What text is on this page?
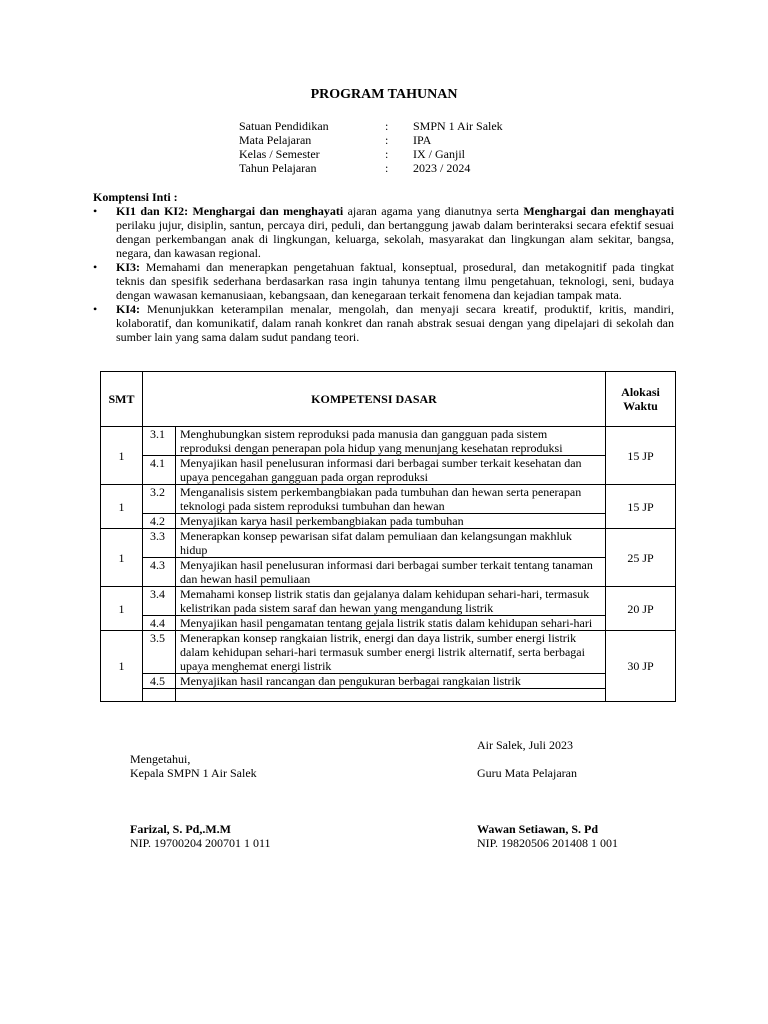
PROGRAM TAHUNAN
Satuan Pendidikan	:	SMPN 1 Air Salek
Mata Pelajaran	:	IPA
Kelas / Semester	:	IX / Ganjil
Tahun Pelajaran	:	2023 / 2024
Komptensi Inti :
• KI1 dan KI2: Menghargai dan menghayati ajaran agama yang dianutnya serta Menghargai dan menghayati perilaku jujur, disiplin, santun, percaya diri, peduli, dan bertanggung jawab dalam berinteraksi secara efektif sesuai dengan perkembangan anak di lingkungan, keluarga, sekolah, masyarakat dan lingkungan alam sekitar, bangsa, negara, dan kawasan regional.
• KI3: Memahami dan menerapkan pengetahuan faktual, konseptual, prosedural, dan metakognitif pada tingkat teknis dan spesifik sederhana berdasarkan rasa ingin tahunya tentang ilmu pengetahuan, teknologi, seni, budaya dengan wawasan kemanusiaan, kebangsaan, dan kenegaraan terkait fenomena dan kejadian tampak mata.
• KI4: Menunjukkan keterampilan menalar, mengolah, dan menyaji secara kreatif, produktif, kritis, mandiri, kolaboratif, dan komunikatif, dalam ranah konkret dan ranah abstrak sesuai dengan yang dipelajari di sekolah dan sumber lain yang sama dalam sudut pandang teori.
SMT	KOMPETENSI DASAR		Alokasi Waktu
1	3.1	Menghubungkan sistem reproduksi pada manusia dan gangguan pada sistem reproduksi dengan penerapan pola hidup yang menunjang kesehatan reproduksi	15 JP
	4.1	Menyajikan hasil penelusuran informasi dari berbagai sumber terkait kesehatan dan upaya pencegahan gangguan pada organ reproduksi	
1	3.2	Menganalisis sistem perkembangbiakan pada tumbuhan dan hewan serta penerapan teknologi pada sistem reproduksi tumbuhan dan hewan	15 JP
	4.2	Menyajikan karya hasil perkembangbiakan pada tumbuhan	
1	3.3	Menerapkan konsep pewarisan sifat dalam pemuliaan dan kelangsungan makhluk hidup	25 JP
	4.3	Menyajikan hasil penelusuran informasi dari berbagai sumber terkait tentang tanaman dan hewan hasil pemuliaan	
1	3.4	Memahami konsep listrik statis dan gejalanya dalam kehidupan sehari-hari, termasuk kelistrikan pada sistem saraf dan hewan yang mengandung listrik	20 JP
	4.4	Menyajikan hasil pengamatan tentang gejala listrik statis dalam kehidupan sehari-hari	
1	3.5	Menerapkan konsep rangkaian listrik, energi dan daya listrik, sumber energi listrik dalam kehidupan sehari-hari termasuk sumber energi listrik alternatif, serta berbagai upaya menghemat energi listrik	30 JP
	4.5	Menyajikan hasil rancangan dan pengukuran berbagai rangkaian listrik	

Air Salek, Juli 2023
Mengetahui,
Kepala SMPN 1 Air Salek	Guru Mata Pelajaran
Farizal, S. Pd,.M.M
NIP. 19700204 200701 1 011
Wawan Setiawan, S. Pd
NIP. 19820506 201408 1 001
